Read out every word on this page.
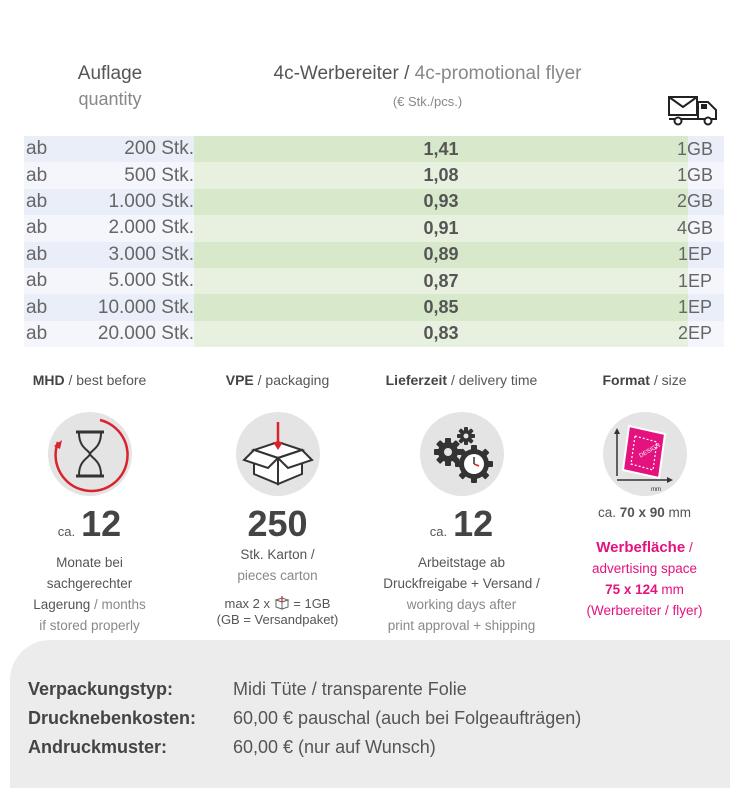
Auflage
quantity
4c-Werbereiter / 4c-promotional flyer
(€ Stk./pcs.)
ab	200 Stk.	1,41	1GB
ab	500 Stk.	1,08	1GB
ab	1.000 Stk.	0,93	2GB
ab	2.000 Stk.	0,91	4GB
ab	3.000 Stk.	0,89	1EP
ab	5.000 Stk.	0,87	1EP
ab	10.000 Stk.	0,85	1EP
ab	20.000 Stk.	0,83	2EP
MHD / best before
ca. 12
Monate bei
sachgerechter
Lagerung / months
if stored properly
VPE / packaging
250
Stk. Karton /
pieces carton
max 2 x = 1GB
(GB = Versandpaket)
Lieferzeit / delivery time
ca. 12
Arbeitstage ab
Druckfreigabe + Versand /
working days after
print approval + shipping
Format / size
DESIGN
mm
ca. 70 x 90 mm
Werbefläche /
advertising space
75 x 124 mm
(Werbereiter / flyer)
Verpackungstyp:	Midi Tüte / transparente Folie
Drucknebenkosten:	60,00 € pauschal (auch bei Folgeaufträgen)
Andruckmuster:	60,00 € (nur auf Wunsch)
